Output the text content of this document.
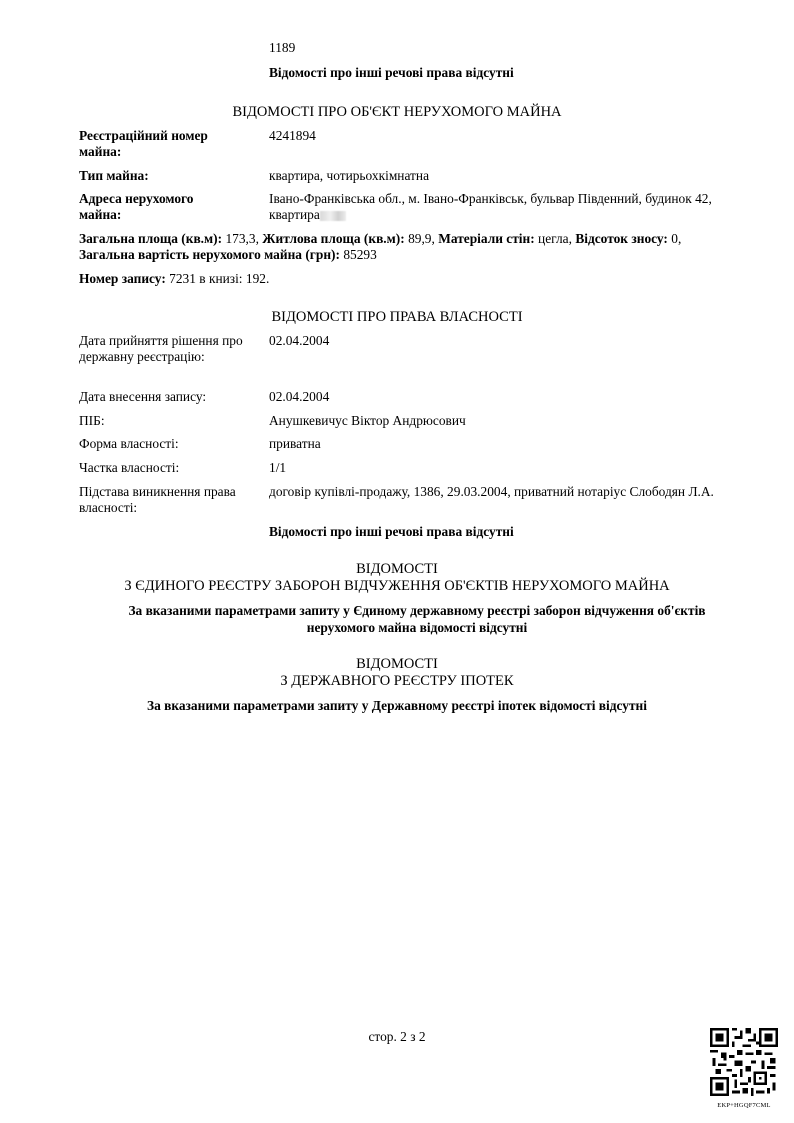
1189
Відомості про інші речові права відсутні
ВІДОМОСТІ ПРО ОБ'ЄКТ НЕРУХОМОГО МАЙНА
Реєстраційний номер майна:
4241894
Тип майна:	квартира, чотирьохкімнатна
Адреса нерухомого майна:
Івано-Франківська обл., м. Івано-Франківськ, бульвар Південний, будинок 42, квартира
Загальна площа (кв.м): 173,3, Житлова площа (кв.м): 89,9, Матеріали стін: цегла, Відсоток зносу: 0, Загальна вартість нерухомого майна (грн): 85293
Номер запису: 7231 в книзі: 192.
ВІДОМОСТІ ПРО ПРАВА ВЛАСНОСТІ
Дата прийняття рішення про державну реєстрацію:
02.04.2004
Дата внесення запису:	02.04.2004
ПІБ:	Анушкевичус Віктор Андрюсович
Форма власності:	приватна
Частка власності:	1/1
Підстава виникнення права власності:
договір купівлі-продажу, 1386, 29.03.2004, приватний нотаріус Слободян Л.А.
Відомості про інші речові права відсутні
ВІДОМОСТІ
З ЄДИНОГО РЕЄСТРУ ЗАБОРОН ВІДЧУЖЕННЯ ОБ'ЄКТІВ НЕРУХОМОГО МАЙНА
За вказаними параметрами запиту у Єдиному державному реєстрі заборон відчуження об'єктів нерухомого майна відомості відсутні
ВІДОМОСТІ
З ДЕРЖАВНОГО РЕЄСТРУ ІПОТЕК
За вказаними параметрами запиту у Державному реєстрі іпотек відомості відсутні
стор. 2 з 2
EKP+HGQF7CML
